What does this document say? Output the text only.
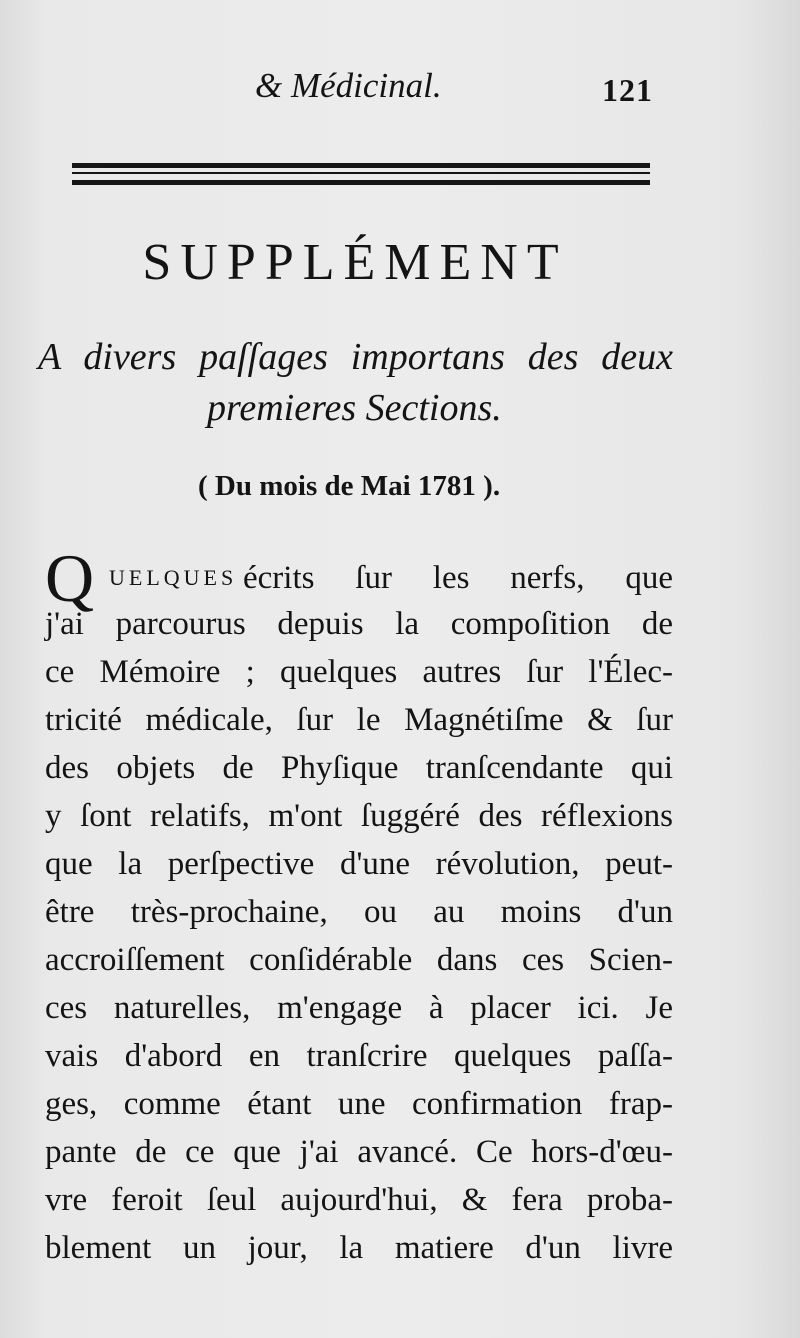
& Médicinal.	121
SUPPLÉMENT
A divers paſſages importans des deux
premieres Sections.
( Du mois de Mai 1781 ).
Q UELQUES écrits ſur les nerfs, que
j'ai parcourus depuis la compoſition de
ce Mémoire ; quelques autres ſur l'Élec-
tricité médicale, ſur le Magnétiſme & ſur
des objets de Phyſique tranſcendante qui
y ſont relatifs, m'ont ſuggéré des réflexions
que la perſpective d'une révolution, peut-
être très-prochaine, ou au moins d'un
accroiſſement conſidérable dans ces Scien-
ces naturelles, m'engage à placer ici. Je
vais d'abord en tranſcrire quelques paſſa-
ges, comme étant une confirmation frap-
pante de ce que j'ai avancé. Ce hors-d'œu-
vre feroit ſeul aujourd'hui, & fera proba-
blement un jour, la matiere d'un livre
